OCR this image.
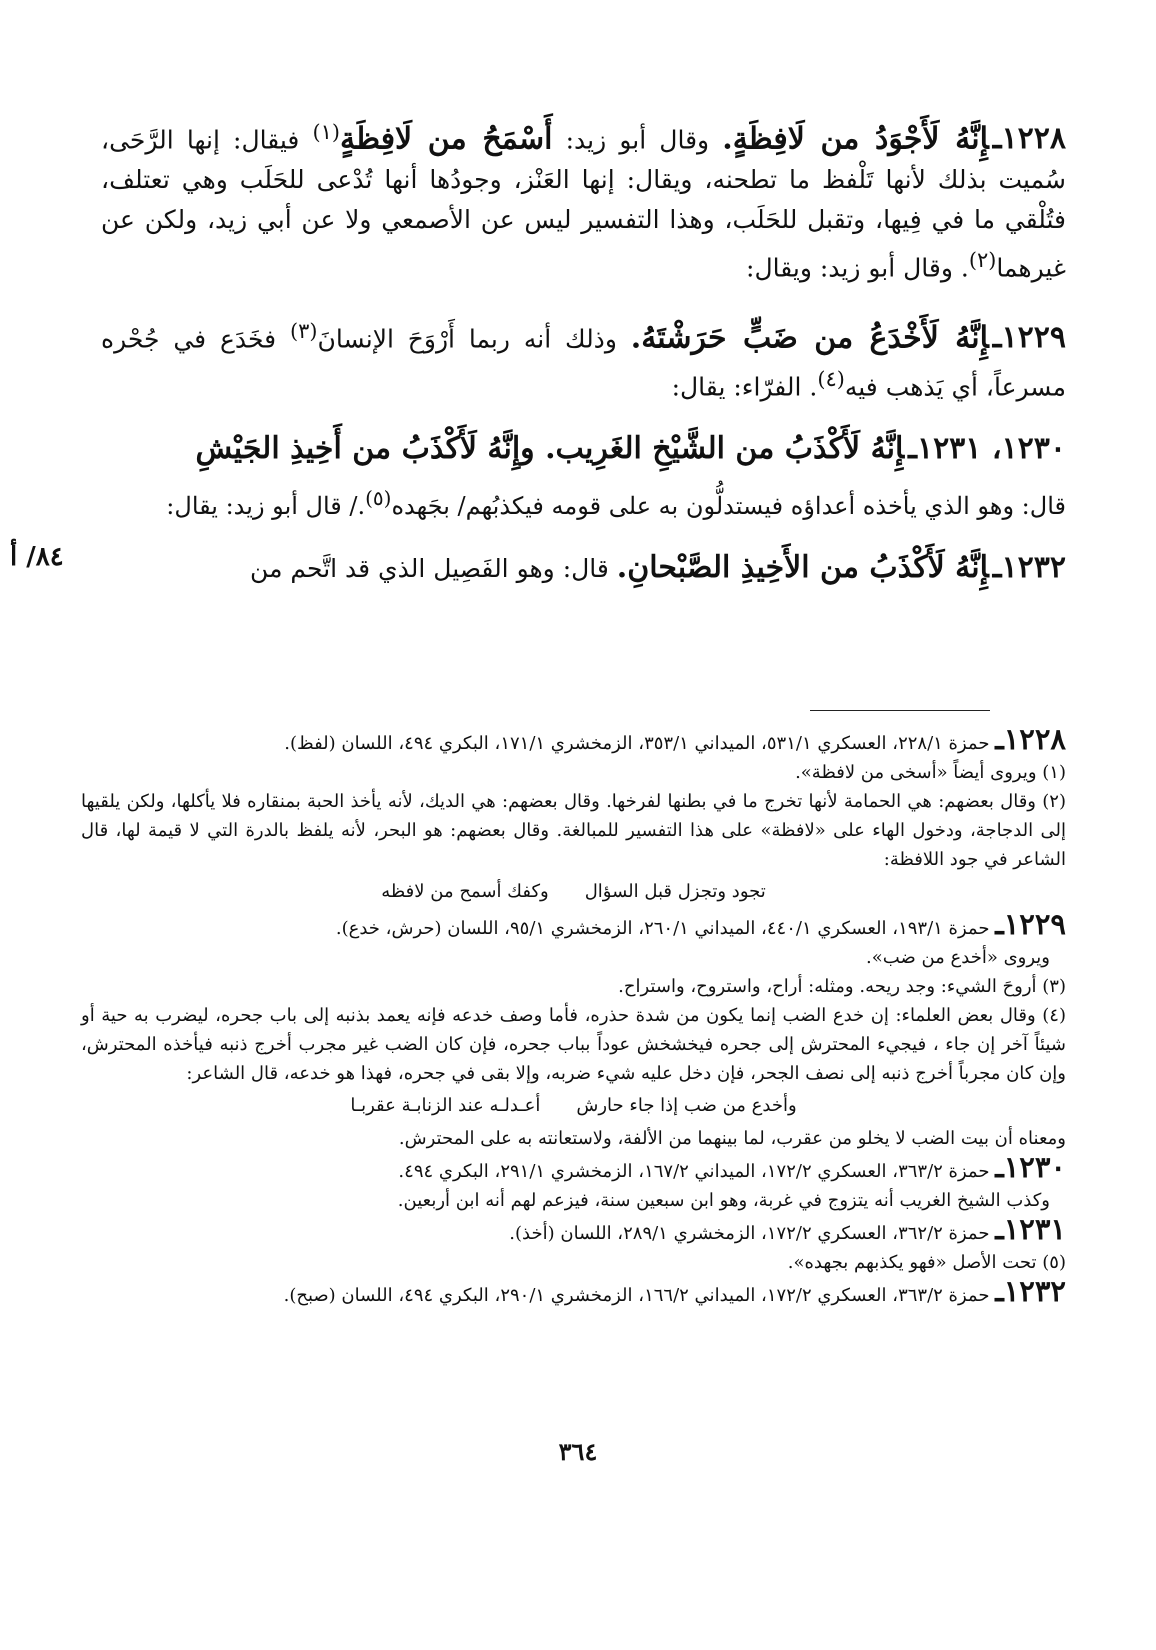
٨٤/ أ

١٢٢٨ـإِنَّهُ لَأَجْوَدُ من لَافِظَةٍ. وقال أبو زيد: أَسْمَحُ من لَافِظَةٍ$^{(١)}$ فيقال: إنها الرَّحَى، سُميت بذلك لأنها تَلْفظ ما تطحنه، ويقال: إنها العَنْز، وجودُها أنها تُدْعى للحَلَب وهي تعتلف، فتُلْقي ما في فِيها، وتقبل للحَلَب، وهذا التفسير ليس عن الأصمعي ولا عن أبي زيد، ولكن عن غيرهما$^{(٢)}$. وقال أبو زيد: ويقال:

١٢٢٩ـإِنَّهُ لَأَخْدَعُ من ضَبٍّ حَرَشْتَهُ. وذلك أنه ربما أَرْوَحَ الإنسانَ$^{(٣)}$ فخَدَع في جُحْره مسرعاً، أي يَذهب فيه$^{(٤)}$. الفرّاء: يقال:

١٢٣٠، ١٢٣١ـإِنَّهُ لَأَكْذَبُ من الشَّيْخِ الغَرِيب. وإِنَّهُ لَأَكْذَبُ من أَخِيذِ الجَيْشِ

قال: وهو الذي يأخذه أعداؤه فيستدلُّون به على قومه فيكذبُهم/ بجَهده$^{(٥)}$./ قال أبو زيد: يقال:

١٢٣٢ـإِنَّهُ لَأَكْذَبُ من الأَخِيذِ الصَّبْحانِ. قال: وهو الفَصِيل الذي قد اتَّحم من

١٢٢٨ـ حمزة ٢٢٨/١، العسكري ٥٣١/١، الميداني ٣٥٣/١، الزمخشري ١٧١/١، البكري ٤٩٤، اللسان (لفظ).

(١) ويروى أيضاً «أسخى من لافظة».

(٢) وقال بعضهم: هي الحمامة لأنها تخرج ما في بطنها لفرخها. وقال بعضهم: هي الديك، لأنه يأخذ الحبة بمنقاره فلا يأكلها، ولكن يلقيها إلى الدجاجة، ودخول الهاء على «لافظة» على هذا التفسير للمبالغة. وقال بعضهم: هو البحر، لأنه يلفظ بالدرة التي لا قيمة لها، قال الشاعر في جود اللافظة:

تجود وتجزل قبل السؤال
وكفك أسمح من لافظه

١٢٢٩ـ حمزة ١٩٣/١، العسكري ٤٤٠/١، الميداني ٢٦٠/١، الزمخشري ٩٥/١، اللسان (حرش، خدع).

ويروى «أخدع من ضب».

(٣) أروحَ الشيء: وجد ريحه. ومثله: أراح، واستروح، واستراح.

(٤) وقال بعض العلماء: إن خدع الضب إنما يكون من شدة حذره، فأما وصف خدعه فإنه يعمد بذنبه إلى باب جحره، ليضرب به حية أو شيئاً آخر إن جاء ، فيجيء المحترش إلى جحره فيخشخش عوداً بباب جحره، فإن كان الضب غير مجرب أخرج ذنبه فيأخذه المحترش، وإن كان مجرباً أخرج ذنبه إلى نصف الجحر، فإن دخل عليه شيء ضربه، وإلا بقى في جحره، فهذا هو خدعه، قال الشاعر:

وأخدع من ضب إذا جاء حارش
أعـدلـه عند الزنابـة عقربـا

ومعناه أن بيت الضب لا يخلو من عقرب، لما بينهما من الألفة، ولاستعانته به على المحترش.

١٢٣٠ـ حمزة ٣٦٣/٢، العسكري ١٧٢/٢، الميداني ١٦٧/٢، الزمخشري ٢٩١/١، البكري ٤٩٤.

وكذب الشيخ الغريب أنه يتزوج في غربة، وهو ابن سبعين سنة، فيزعم لهم أنه ابن أربعين.

١٢٣١ـ حمزة ٣٦٢/٢، العسكري ١٧٢/٢، الزمخشري ٢٨٩/١، اللسان (أخذ).

(٥) تحت الأصل «فهو يكذبهم بجهده».

١٢٣٢ـ حمزة ٣٦٣/٢، العسكري ١٧٢/٢، الميداني ١٦٦/٢، الزمخشري ٢٩٠/١، البكري ٤٩٤، اللسان (صبح).

٣٦٤
